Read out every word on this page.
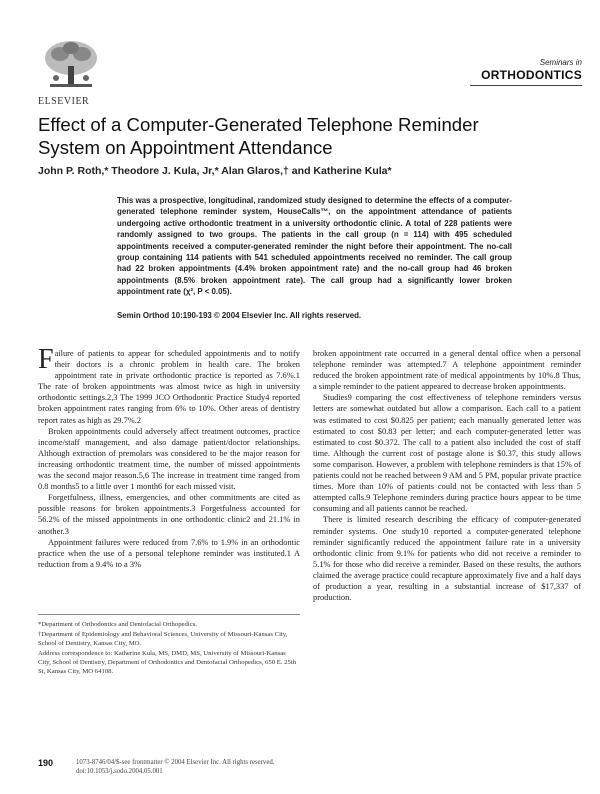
ELSEVIER
Seminars in
ORTHODONTICS
Effect of a Computer-Generated Telephone Reminder
System on Appointment Attendance
John P. Roth,* Theodore J. Kula, Jr,* Alan Glaros,† and Katherine Kula*
This was a prospective, longitudinal, randomized study designed to determine the effects of a computer-generated telephone reminder system, HouseCalls™, on the appointment attendance of patients undergoing active orthodontic treatment in a university orthodontic clinic. A total of 228 patients were randomly assigned to two groups. The patients in the call group (n = 114) with 495 scheduled appointments received a computer-generated reminder the night before their appointment. The no-call group containing 114 patients with 541 scheduled appointments received no reminder. The call group had 22 broken appointments (4.4% broken appointment rate) and the no-call group had 46 broken appointments (8.5% broken appointment rate). The call group had a significantly lower broken appointment rate (χ², P < 0.05).
Semin Orthod 10:190-193 © 2004 Elsevier Inc. All rights reserved.

Failure of patients to appear for scheduled appointments and to notify their doctors is a chronic problem in health care. The broken appointment rate in private orthodontic practice is reported as 7.6%.1 The rate of broken appointments was almost twice as high in university orthodontic settings.2,3 The 1999 JCO Orthodontic Practice Study4 reported broken appointment rates ranging from 6% to 10%. Other areas of dentistry report rates as high as 29.7%.2

Broken appointments could adversely affect treatment outcomes, practice income/staff management, and also damage patient/doctor relationships. Although extraction of premolars was considered to be the major reason for increasing orthodontic treatment time, the number of missed appointments was the second major reason.5,6 The increase in treatment time ranged from 0.8 months5 to a little over 1 month6 for each missed visit.

Forgetfulness, illness, emergencies, and other commitments are cited as possible reasons for broken appointments.3 Forgetfulness accounted for 56.2% of the missed appointments in one orthodontic clinic2 and 21.1% in another.3

Appointment failures were reduced from 7.6% to 1.9% in an orthodontic practice when the use of a personal telephone reminder was instituted.1 A reduction from a 9.4% to a 3%

*Department of Orthodontics and Dentofacial Orthopedics.

†Department of Epidemiology and Behavioral Sciences, University of Missouri-Kansas City, School of Dentistry, Kansas City, MO.

Address correspondence to: Katherine Kula, MS, DMD, MS, University of Missouri-Kansas City, School of Dentistry, Department of Orthodontics and Dentofacial Orthopedics, 650 E. 25th St, Kansas City, MO 64108.

broken appointment rate occurred in a general dental office when a personal telephone reminder was attempted.7 A telephone appointment reminder reduced the broken appointment rate of medical appointments by 10%.8 Thus, a simple reminder to the patient appeared to decrease broken appointments.

Studies9 comparing the cost effectiveness of telephone reminders versus letters are somewhat outdated but allow a comparison. Each call to a patient was estimated to cost $0.825 per patient; each manually generated letter was estimated to cost $0.83 per letter; and each computer-generated letter was estimated to cost $0.372. The call to a patient also included the cost of staff time. Although the current cost of postage alone is $0.37, this study allows some comparison. However, a problem with telephone reminders is that 15% of patients could not be reached between 9 AM and 5 PM, popular private practice times. More than 10% of patients could not be contacted with less than 5 attempted calls.9 Telephone reminders during practice hours appear to be time consuming and all patients cannot be reached.

There is limited research describing the efficacy of computer-generated reminder systems. One study10 reported a computer-generated telephone reminder significantly reduced the appointment failure rate in a university orthodontic clinic from 9.1% for patients who did not receive a reminder to 5.1% for those who did receive a reminder. Based on these results, the authors claimed the average practice could recapture approximately five and a half days of production a year, resulting in a substantial increase of $17,337 of production.

190	1073-8746/04/$-see frontmatter © 2004 Elsevier Inc. All rights reserved.
doi:10.1053/j.sodo.2004.05.001
